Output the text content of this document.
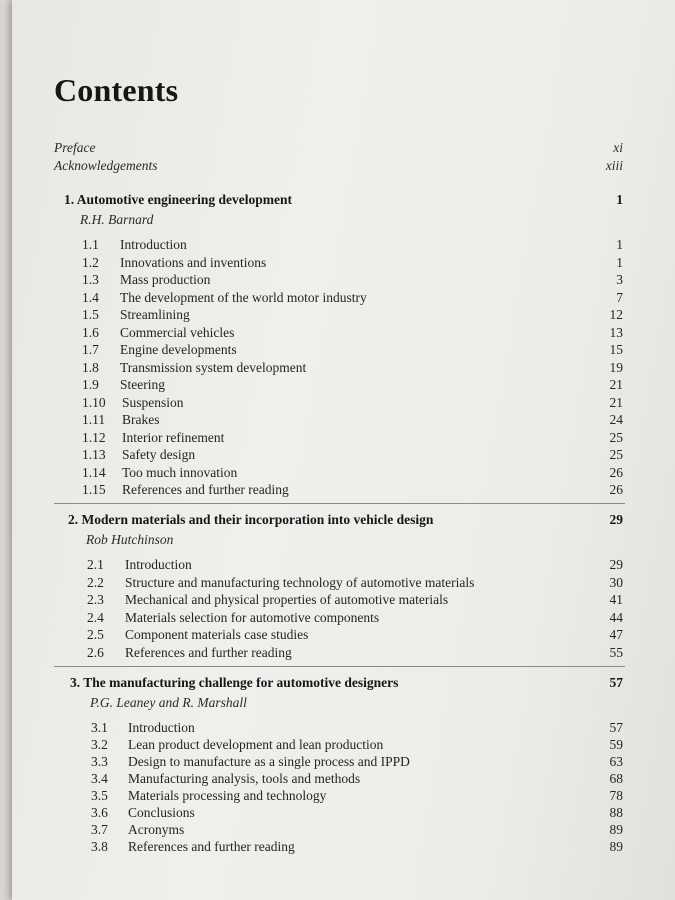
Contents
Preface	xi
Acknowledgements	xiii
1. Automotive engineering development	1
R.H. Barnard
1.1 Introduction	1
1.2 Innovations and inventions	1
1.3 Mass production	3
1.4 The development of the world motor industry	7
1.5 Streamlining	12
1.6 Commercial vehicles	13
1.7 Engine developments	15
1.8 Transmission system development	19
1.9 Steering	21
1.10 Suspension	21
1.11 Brakes	24
1.12 Interior refinement	25
1.13 Safety design	25
1.14 Too much innovation	26
1.15 References and further reading	26
2. Modern materials and their incorporation into vehicle design	29
Rob Hutchinson
2.1 Introduction	29
2.2 Structure and manufacturing technology of automotive materials	30
2.3 Mechanical and physical properties of automotive materials	41
2.4 Materials selection for automotive components	44
2.5 Component materials case studies	47
2.6 References and further reading	55
3. The manufacturing challenge for automotive designers	57
P.G. Leaney and R. Marshall
3.1 Introduction	57
3.2 Lean product development and lean production	59
3.3 Design to manufacture as a single process and IPPD	63
3.4 Manufacturing analysis, tools and methods	68
3.5 Materials processing and technology	78
3.6 Conclusions	88
3.7 Acronyms	89
3.8 References and further reading	89
